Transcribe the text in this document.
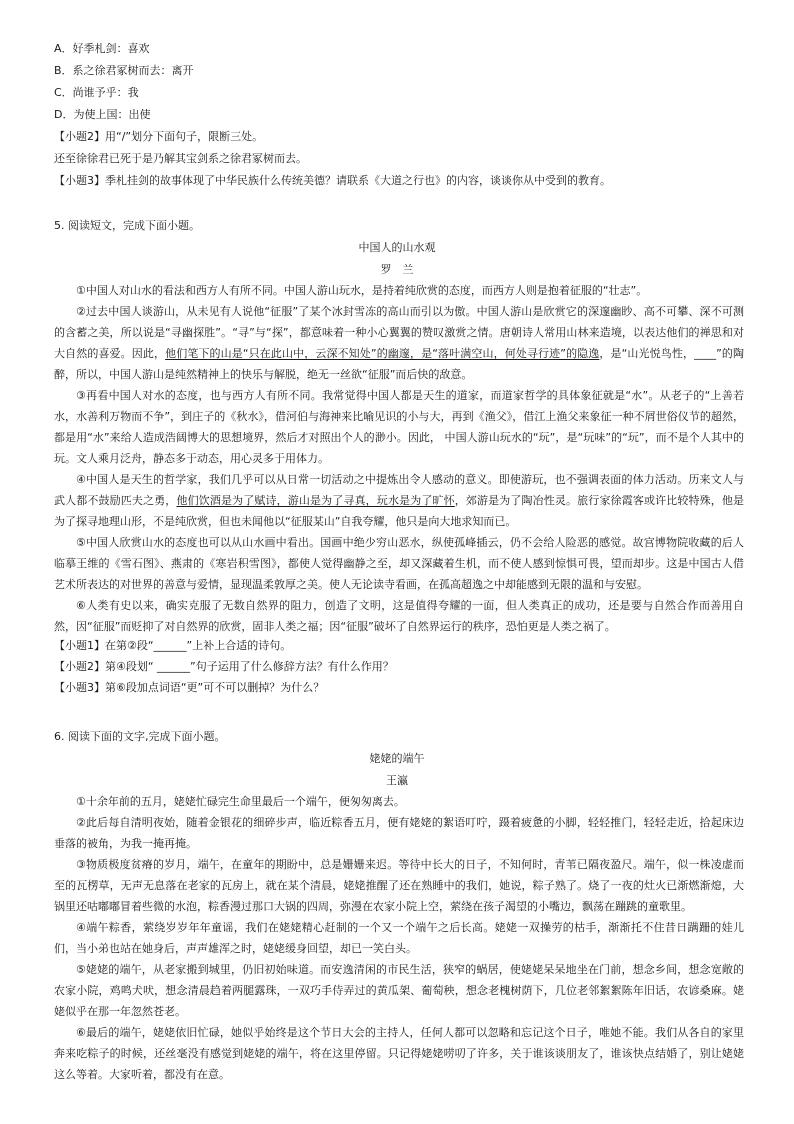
A．好季札剑：喜欢
B．系之徐君冢树而去：离开
C．尚谁予乎：我
D．为使上国：出使
【小题2】用“/”划分下面句子，限断三处。
还至徐徐君已死于是乃解其宝剑系之徐君冢树而去。
【小题3】季札挂剑的故事体现了中华民族什么传统美德？请联系《大道之行也》的内容，谈谈你从中受到的教育。
5. 阅读短文，完成下面小题。
中国人的山水观
罗　兰
①中国人对山水的看法和西方人有所不同。中国人游山玩水，是持着纯欣赏的态度，而西方人则是抱着征服的“壮志”。
②过去中国人谈游山，从未见有人说他“征服”了某个冰封雪冻的高山而引以为傲。中国人游山是欣赏它的深邃幽眇、高不可攀、深不可测的含蓄之美，所以说是“寻幽探胜”。“寻”与“探”，都意味着一种小心翼翼的赞叹激赏之情。唐朝诗人常用山林来造境，以表达他们的禅思和对大自然的喜爱。因此，他们笔下的山是“只在此山中，云深不知处”的幽邃，是“落叶满空山，何处寻行迹”的隐逸，是“山光悦鸟性，____”的陶醉，所以，中国人游山是纯然精神上的快乐与解脱，绝无一丝欲“征服”而后快的敌意。
③再看中国人对水的态度，也与西方人有所不同。我常觉得中国人都是天生的道家，而道家哲学的具体象征就是“水”。从老子的“上善若水，水善利万物而不争”，到庄子的《秋水》，借河伯与海神来比喻见识的小与大，再到《渔父》，借江上渔父来象征一种不屑世俗仪节的超然，都是用“水”来给人造成浩阔博大的思想境界，然后才对照出个人的渺小。因此， 中国人游山玩水的“玩”，是“玩味”的“玩”，而不是个人其中的玩。文人乘月泛舟，静态多于动态，用心灵多于用体力。
④中国人是天生的哲学家，我们几乎可以从日常一切活动之中提炼出令人感动的意义。即使游玩，也不强调表面的体力活动。历来文人与武人都不鼓励匹夫之勇，他们饮酒是为了赋诗，游山是为了寻真，玩水是为了旷怀，郊游是为了陶冶性灵。旅行家徐霞客或许比较特殊，他是为了探寻地理山形，不是纯欣赏，但也未闻他以“征服某山”自我夸耀，他只是向大地求知而已。
⑤中国人欣赏山水的态度也可以从山水画中看出。国画中绝少穷山恶水，纵使孤峰插云，仍不会给人险恶的感觉。故宫博物院收藏的后人临摹王维的《雪石图》、燕肃的《寒岩积雪图》，都使人觉得幽静之至，却又深藏着生机，而不使人感到惊惧可畏，望而却步。这是中国古人借艺术所表达的对世界的善意与爱情，显现温柔敦厚之美。使人无论读寺看画，在孤高超逸之中却能感到无限的温和与安慰。
⑥人类有史以来，确实克服了无数自然界的阻力，创造了文明，这是值得夸耀的一面，但人类真正的成功，还是要与自然合作而善用自然，因“征服”而贬抑了对自然界的欣赏，固非人类之福；因“征服”破坏了自然界运行的秩序，恐怕更是人类之祸了。
【小题1】在第②段“______”上补上合适的诗句。
【小题2】第④段划“ ______”句子运用了什么修辞方法？有什么作用？
【小题3】第⑥段加点词语“更”可不可以删掉？为什么？
6. 阅读下面的文字,完成下面小题。
姥姥的端午
王瀛
①十余年前的五月，姥姥忙碌完生命里最后一个端午，便匆匆离去。
②此后每自清明夜始，随着金银花的细碎步声，临近粽香五月，便有姥姥的絮语叮咛，蹑着疲惫的小脚，轻轻推门，轻轻走近，拾起床边垂落的被角，为我一掩再掩。
③物质极度贫瘠的岁月，端午，在童年的期盼中，总是姗姗来迟。等待中长大的日子，不知何时，青苇已隔夜盈尺。端午，似一株凌虚而至的瓦楞草，无声无息落在老家的瓦房上，就在某个清晨，姥姥推醒了还在熟睡中的我们，她说，粽子熟了。烧了一夜的灶火已渐燃渐熄，大锅里还咕嘟嘟冒着些微的水泡，粽香漫过那口大锅的四周，弥漫在农家小院上空，萦绕在孩子渴望的小嘴边，飘荡在蹦跳的童歌里。
④端午粽香，萦绕岁岁年年童谣，我们在姥姥精心赶制的一个又一个端午之后长高。姥姥一双操劳的枯手，渐渐托不住昔日蹒跚的娃儿们，当小弟也站在她身后，声声雄浑之时，姥姥缓身回望，却已一笑白头。
⑤姥姥的端午，从老家搬到城里，仍旧初始味道。而安逸清闲的市民生活，狭窄的蜗居，使姥姥呆呆地坐在门前，想念乡间，想念宽敞的农家小院，鸡鸣犬吠，想念清晨趋着两腿露珠，一双巧手侍弄过的黄瓜架、葡萄秧，想念老槐树荫下，几位老邻絮絮陈年旧话，农谚桑麻。姥姥似乎在那一年忽然苍老。
⑥最后的端午，姥姥依旧忙碌，她似乎始终是这个节日大会的主持人，任何人都可以忽略和忘记这个日子，唯她不能。我们从各自的家里奔来吃粽子的时候，还丝毫没有感觉到姥姥的端午，将在这里停留。只记得姥姥唠叨了许多，关于谁该谈朋友了，谁该快点结婚了，别让姥姥这么等着。大家听着，都没有在意。
